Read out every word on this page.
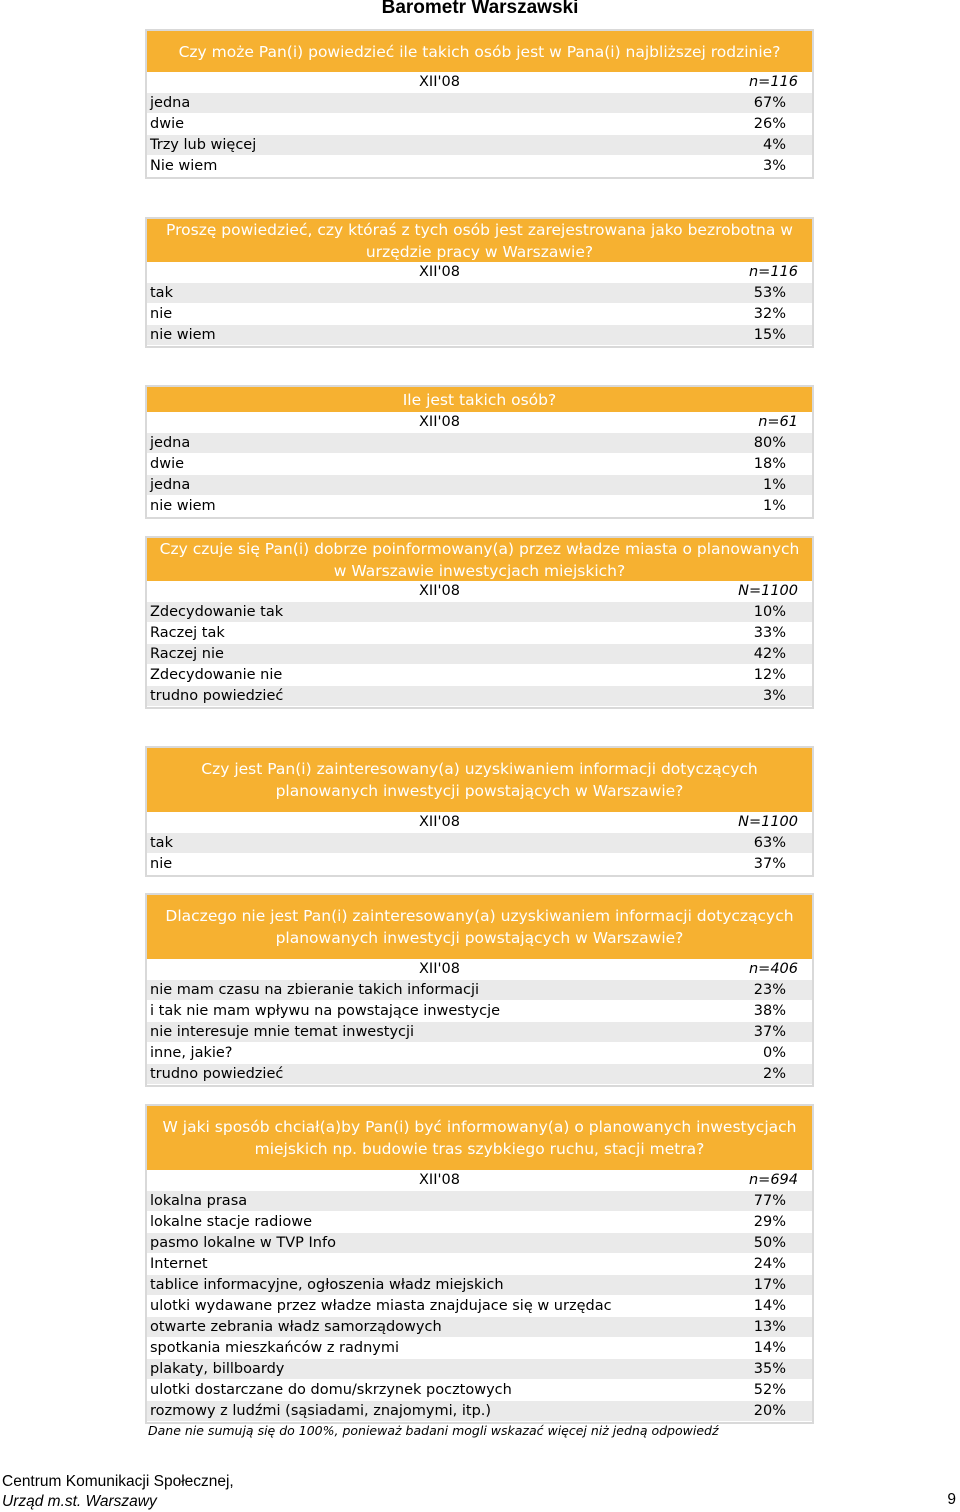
Barometr Warszawski
Czy może Pan(i) powiedzieć ile takich osób jest w Pana(i) najbliższej rodzinie?
XII'08	n=116
jedna	67%
dwie	26%
Trzy lub więcej	4%
Nie wiem	3%
Proszę powiedzieć, czy któraś z tych osób jest zarejestrowana jako bezrobotna w urzędzie pracy w Warszawie?
XII'08	n=116
tak	53%
nie	32%
nie wiem	15%
Ile jest takich osób?
XII'08	n=61
jedna	80%
dwie	18%
jedna	1%
nie wiem	1%
Czy czuje się Pan(i) dobrze poinformowany(a) przez władze miasta o planowanych w Warszawie inwestycjach miejskich?
XII'08	N=1100
Zdecydowanie tak	10%
Raczej tak	33%
Raczej nie	42%
Zdecydowanie nie	12%
trudno powiedzieć	3%
Czy jest Pan(i) zainteresowany(a) uzyskiwaniem informacji dotyczących planowanych inwestycji powstających w Warszawie?
XII'08	N=1100
tak	63%
nie	37%
Dlaczego nie jest Pan(i) zainteresowany(a) uzyskiwaniem informacji dotyczących planowanych inwestycji powstających w Warszawie?
XII'08	n=406
nie mam czasu na zbieranie takich informacji	23%
i tak nie mam wpływu na powstające inwestycje	38%
nie interesuje mnie temat inwestycji	37%
inne, jakie?	0%
trudno powiedzieć	2%
W jaki sposób chciał(a)by Pan(i) być informowany(a) o planowanych inwestycjach miejskich np. budowie tras szybkiego ruchu, stacji metra?
XII'08	n=694
lokalna prasa	77%
lokalne stacje radiowe	29%
pasmo lokalne w TVP Info	50%
Internet	24%
tablice informacyjne, ogłoszenia władz miejskich	17%
ulotki wydawane przez władze miasta znajdujace się w urzędac	14%
otwarte zebrania władz samorządowych	13%
spotkania mieszkańców z radnymi	14%
plakaty, billboardy	35%
ulotki dostarczane do domu/skrzynek pocztowych	52%
rozmowy z ludźmi (sąsiadami, znajomymi, itp.)	20%
Dane nie sumują się do 100%, ponieważ badani mogli wskazać więcej niż jedną odpowiedź
Centrum Komunikacji Społecznej,
Urząd m.st. Warszawy	9
